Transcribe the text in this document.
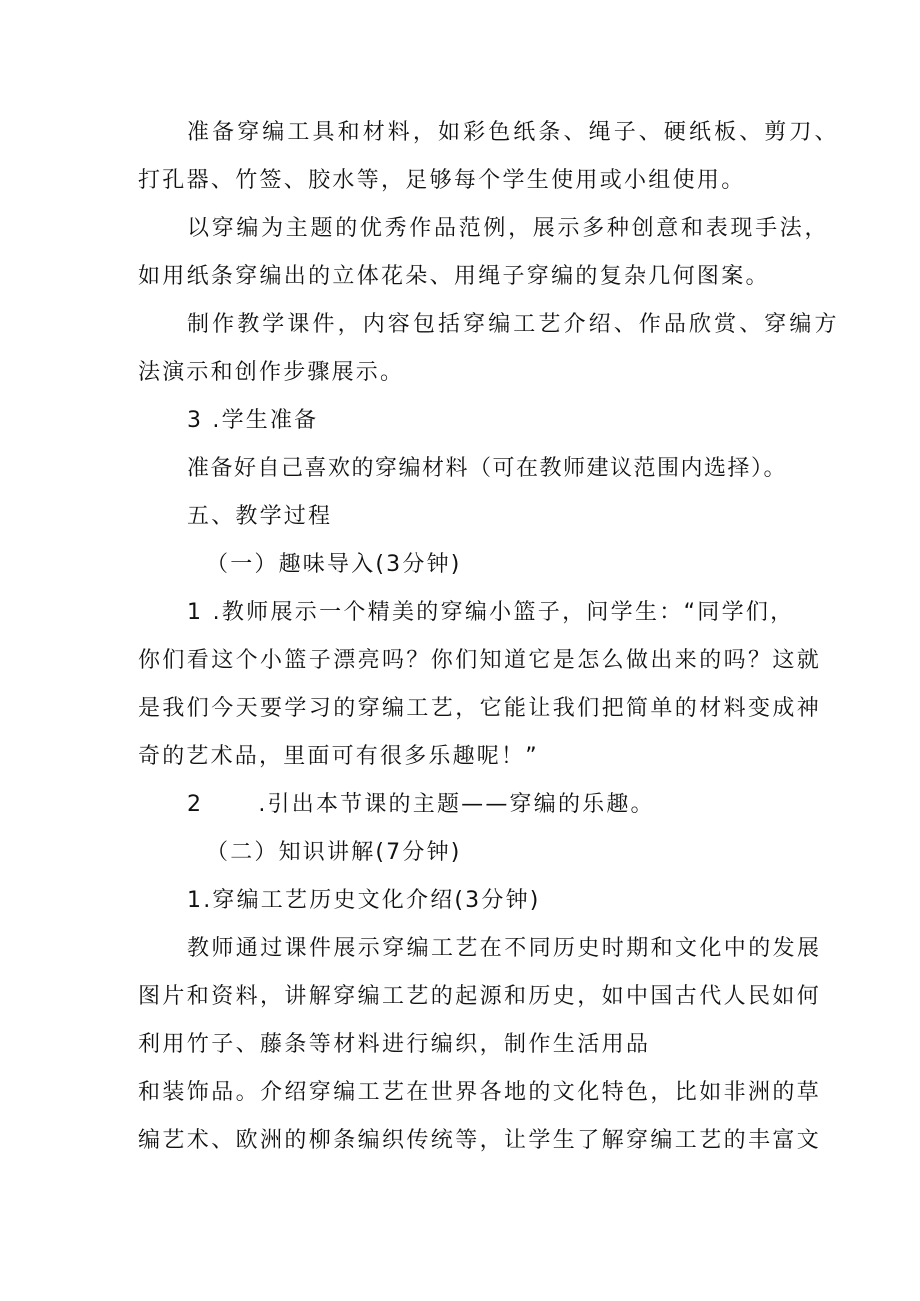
准备穿编工具和材料，如彩色纸条、绳子、硬纸板、剪刀、
打孔器、竹签、胶水等，足够每个学生使用或小组使用。
以穿编为主题的优秀作品范例，展示多种创意和表现手法，
如用纸条穿编出的立体花朵、用绳子穿编的复杂几何图案。
制作教学课件，内容包括穿编工艺介绍、作品欣赏、穿编方
法演示和创作步骤展示。
3 .学生准备
准备好自己喜欢的穿编材料（可在教师建议范围内选择）。
五、教学过程
（一）趣味导入(3分钟)
1 .教师展示一个精美的穿编小篮子，问学生：“同学们，
你们看这个小篮子漂亮吗？你们知道它是怎么做出来的吗？这就
是我们今天要学习的穿编工艺，它能让我们把简单的材料变成神
奇的艺术品，里面可有很多乐趣呢！”
2      .引出本节课的主题——穿编的乐趣。
（二）知识讲解(7分钟)
1.穿编工艺历史文化介绍(3分钟)
教师通过课件展示穿编工艺在不同历史时期和文化中的发展
图片和资料，讲解穿编工艺的起源和历史，如中国古代人民如何
利用竹子、藤条等材料进行编织，制作生活用品
和装饰品。介绍穿编工艺在世界各地的文化特色，比如非洲的草
编艺术、欧洲的柳条编织传统等，让学生了解穿编工艺的丰富文
